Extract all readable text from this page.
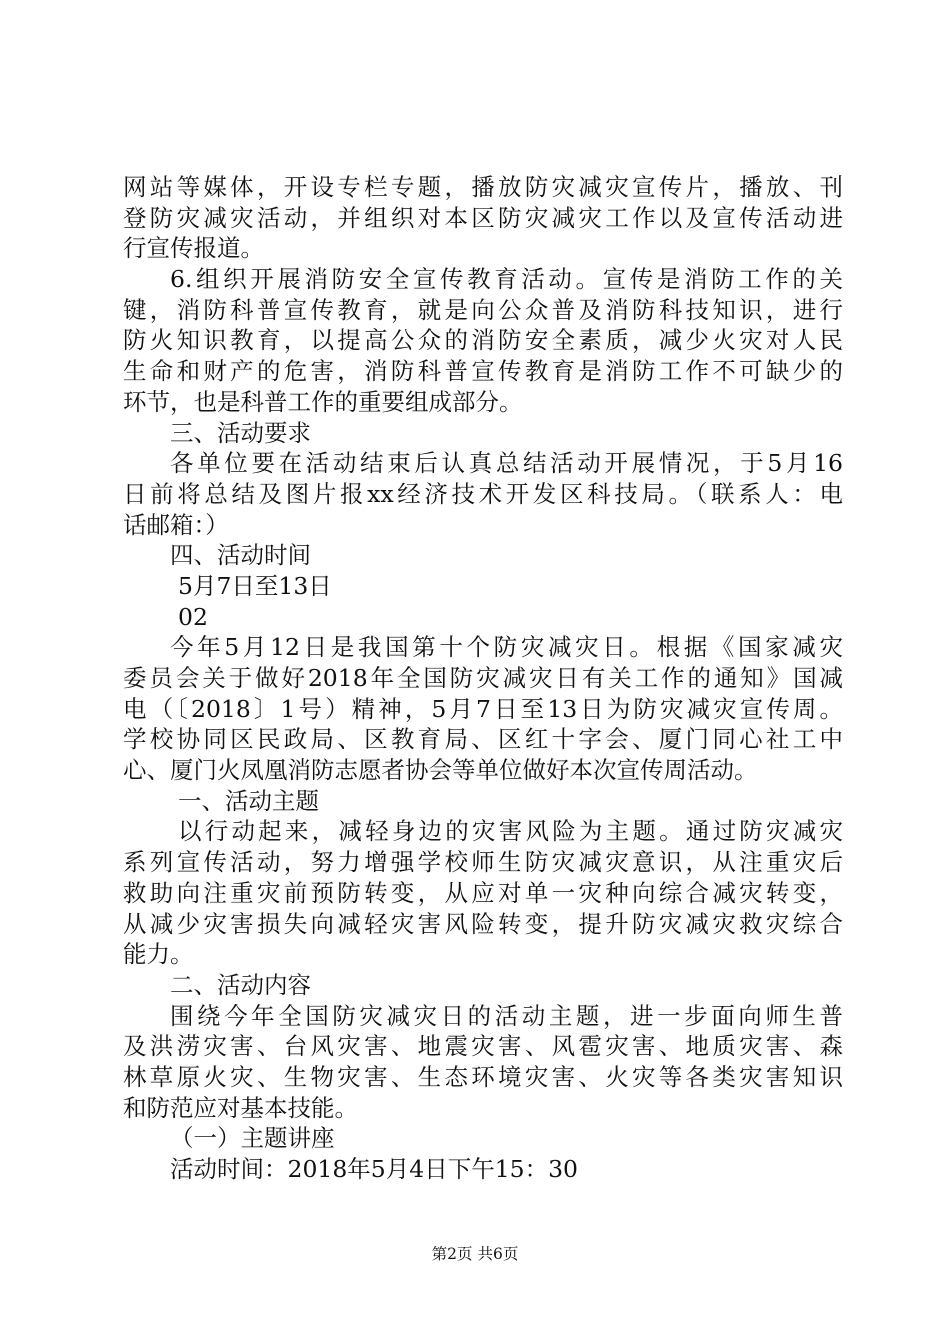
网站等媒体，开设专栏专题，播放防灾减灾宣传片，播放、刊
登防灾减灾活动，并组织对本区防灾减灾工作以及宣传活动进
行宣传报道。
6.组织开展消防安全宣传教育活动。宣传是消防工作的关
键，消防科普宣传教育，就是向公众普及消防科技知识，进行
防火知识教育，以提高公众的消防安全素质，减少火灾对人民
生命和财产的危害，消防科普宣传教育是消防工作不可缺少的
环节，也是科普工作的重要组成部分。
三、活动要求
各单位要在活动结束后认真总结活动开展情况，于5月16
日前将总结及图片报xx经济技术开发区科技局。（联系人：电
话邮箱：）
四、活动时间
5月7日至13日
02
今年5月12日是我国第十个防灾减灾日。根据《国家减灾
委员会关于做好2018年全国防灾减灾日有关工作的通知》国减
电（〔2018〕1号）精神，5月7日至13日为防灾减灾宣传周。
学校协同区民政局、区教育局、区红十字会、厦门同心社工中
心、厦门火凤凰消防志愿者协会等单位做好本次宣传周活动。
一、活动主题
以行动起来，减轻身边的灾害风险为主题。通过防灾减灾
系列宣传活动，努力增强学校师生防灾减灾意识，从注重灾后
救助向注重灾前预防转变，从应对单一灾种向综合减灾转变，
从减少灾害损失向减轻灾害风险转变，提升防灾减灾救灾综合
能力。
二、活动内容
围绕今年全国防灾减灾日的活动主题，进一步面向师生普
及洪涝灾害、台风灾害、地震灾害、风雹灾害、地质灾害、森
林草原火灾、生物灾害、生态环境灾害、火灾等各类灾害知识
和防范应对基本技能。
（一）主题讲座
活动时间：2018年5月4日下午15：30
第2页 共6页
